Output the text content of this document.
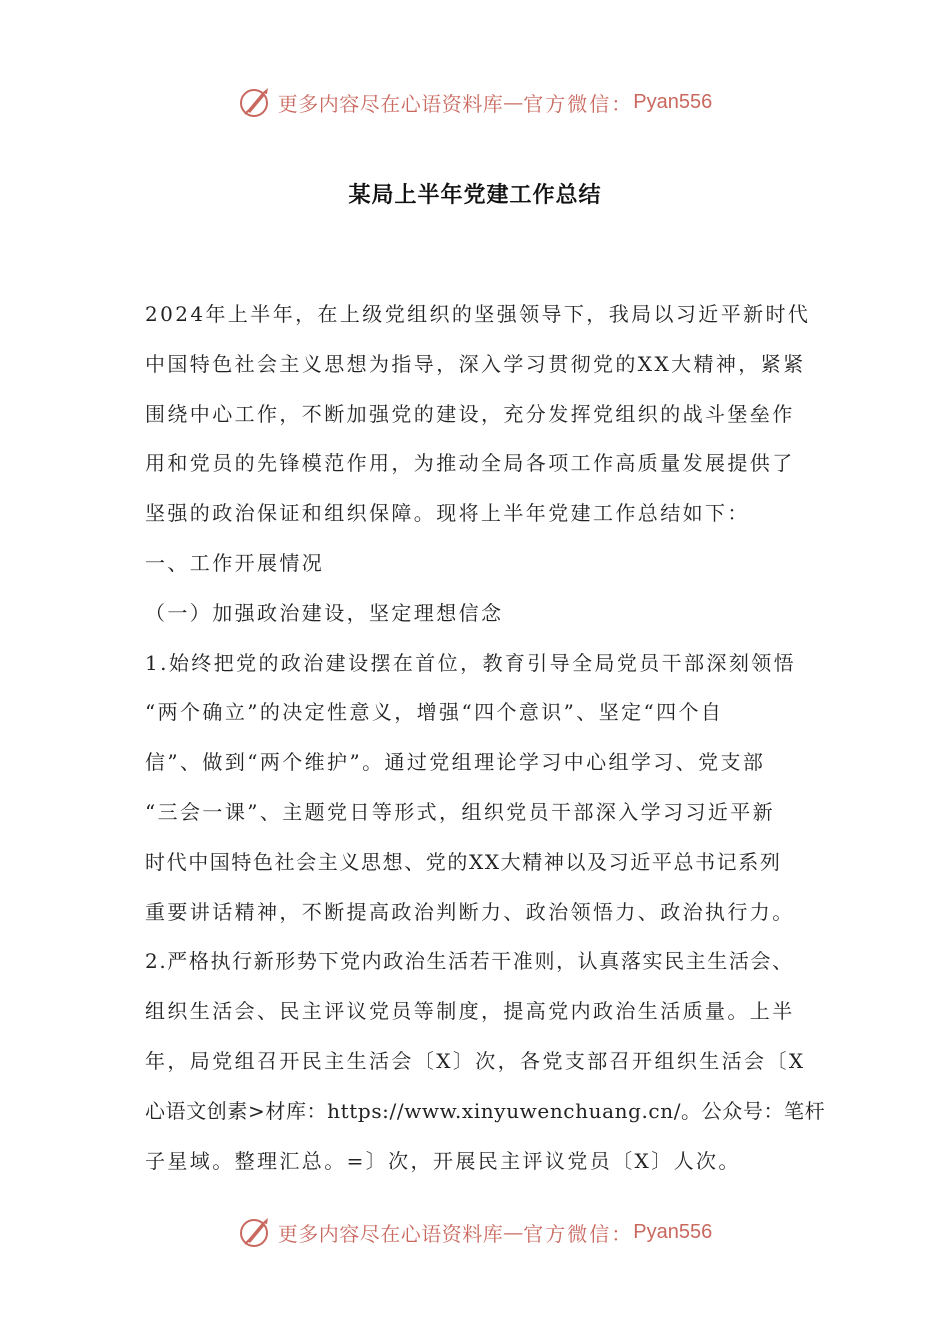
更多内容尽在心语资料库 — 官方微信： Pyan556
某局上半年党建工作总结
2024年上半年，在上级党组织的坚强领导下，我局以习近平新时代
中国特色社会主义思想为指导，深入学习贯彻党的XX大精神，紧紧
围绕中心工作，不断加强党的建设，充分发挥党组织的战斗堡垒作
用和党员的先锋模范作用，为推动全局各项工作高质量发展提供了
坚强的政治保证和组织保障。现将上半年党建工作总结如下：
一、工作开展情况
（一）加强政治建设，坚定理想信念
1.始终把党的政治建设摆在首位，教育引导全局党员干部深刻领悟
“两个确立”的决定性意义，增强“四个意识”、坚定“四个自
信”、做到“两个维护”。通过党组理论学习中心组学习、党支部
“三会一课”、主题党日等形式，组织党员干部深入学习习近平新
时代中国特色社会主义思想、党的XX大精神以及习近平总书记系列
重要讲话精神，不断提高政治判断力、政治领悟力、政治执行力。
2.严格执行新形势下党内政治生活若干准则，认真落实民主生活会、
组织生活会、民主评议党员等制度，提高党内政治生活质量。上半
年，局党组召开民主生活会〔X〕次，各党支部召开组织生活会〔X
心语文创素>材库：https://www.xinyuwenchuang.cn/。公众号：笔杆
子星域。整理汇总。=〕次，开展民主评议党员〔X〕人次。
更多内容尽在心语资料库 — 官方微信： Pyan556
